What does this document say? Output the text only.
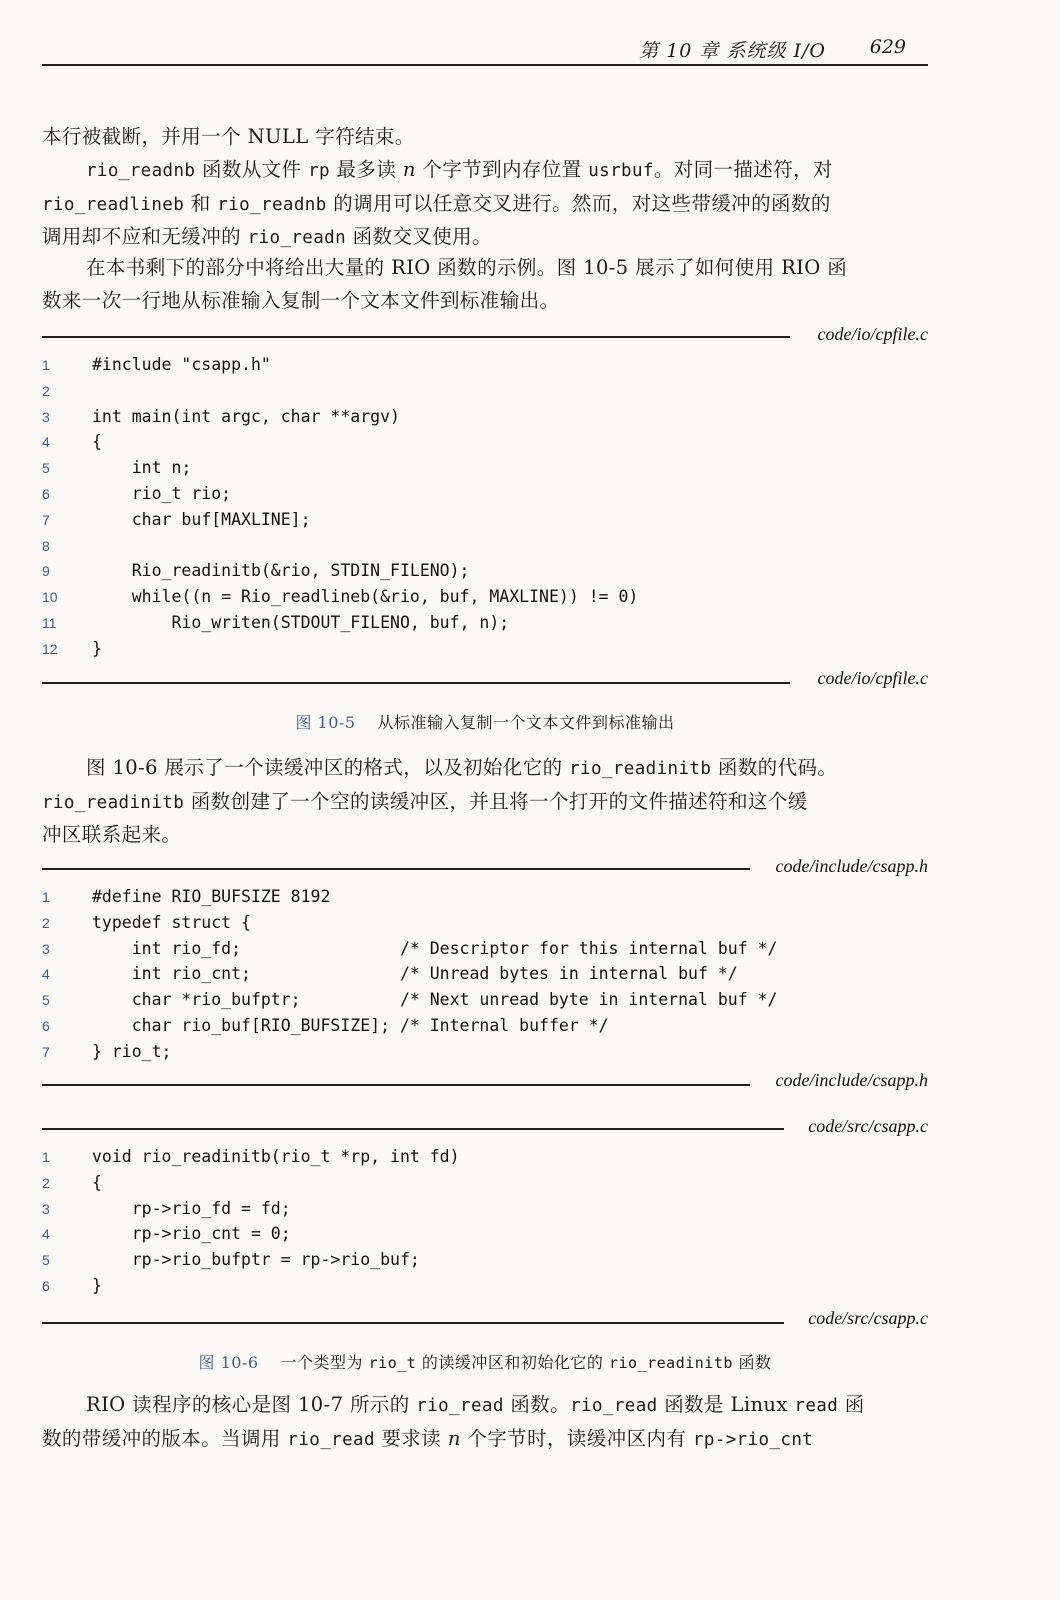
第 10 章 系统级 I/O 629
本行被截断，并用一个 NULL 字符结束。
rio_readnb 函数从文件 rp 最多读 n 个字节到内存位置 usrbuf。对同一描述符，对
rio_readlineb 和 rio_readnb 的调用可以任意交叉进行。然而，对这些带缓冲的函数的
调用却不应和无缓冲的 rio_readn 函数交叉使用。
在本书剩下的部分中将给出大量的 RIO 函数的示例。图 10-5 展示了如何使用 RIO 函
数来一次一行地从标准输入复制一个文本文件到标准输出。
code/io/cpfile.c
1	#include "csapp.h"
2
3	int main(int argc, char **argv)
4	{
5	int n;
6	rio_t rio;
7	char buf[MAXLINE];
8
9	Rio_readinitb(&rio, STDIN_FILENO);
10	while((n = Rio_readlineb(&rio, buf, MAXLINE)) != 0)
11	Rio_writen(STDOUT_FILENO, buf, n);
12	}
code/io/cpfile.c
图 10-5 从标准输入复制一个文本文件到标准输出
图 10-6 展示了一个读缓冲区的格式，以及初始化它的 rio_readinitb 函数的代码。
rio_readinitb 函数创建了一个空的读缓冲区，并且将一个打开的文件描述符和这个缓
冲区联系起来。
code/include/csapp.h
1	#define RIO_BUFSIZE 8192
2	typedef struct {
3	int rio_fd;                /* Descriptor for this internal buf */
4	int rio_cnt;               /* Unread bytes in internal buf */
5	char *rio_bufptr;          /* Next unread byte in internal buf */
6	char rio_buf[RIO_BUFSIZE]; /* Internal buffer */
7	} rio_t;
code/include/csapp.h
code/src/csapp.c
1	void rio_readinitb(rio_t *rp, int fd)
2	{
3	rp->rio_fd = fd;
4	rp->rio_cnt = 0;
5	rp->rio_bufptr = rp->rio_buf;
6	}
code/src/csapp.c
图 10-6 一个类型为 rio_t 的读缓冲区和初始化它的 rio_readinitb 函数
RIO 读程序的核心是图 10-7 所示的 rio_read 函数。rio_read 函数是 Linux read 函
数的带缓冲的版本。当调用 rio_read 要求读 n 个字节时，读缓冲区内有 rp->rio_cnt
